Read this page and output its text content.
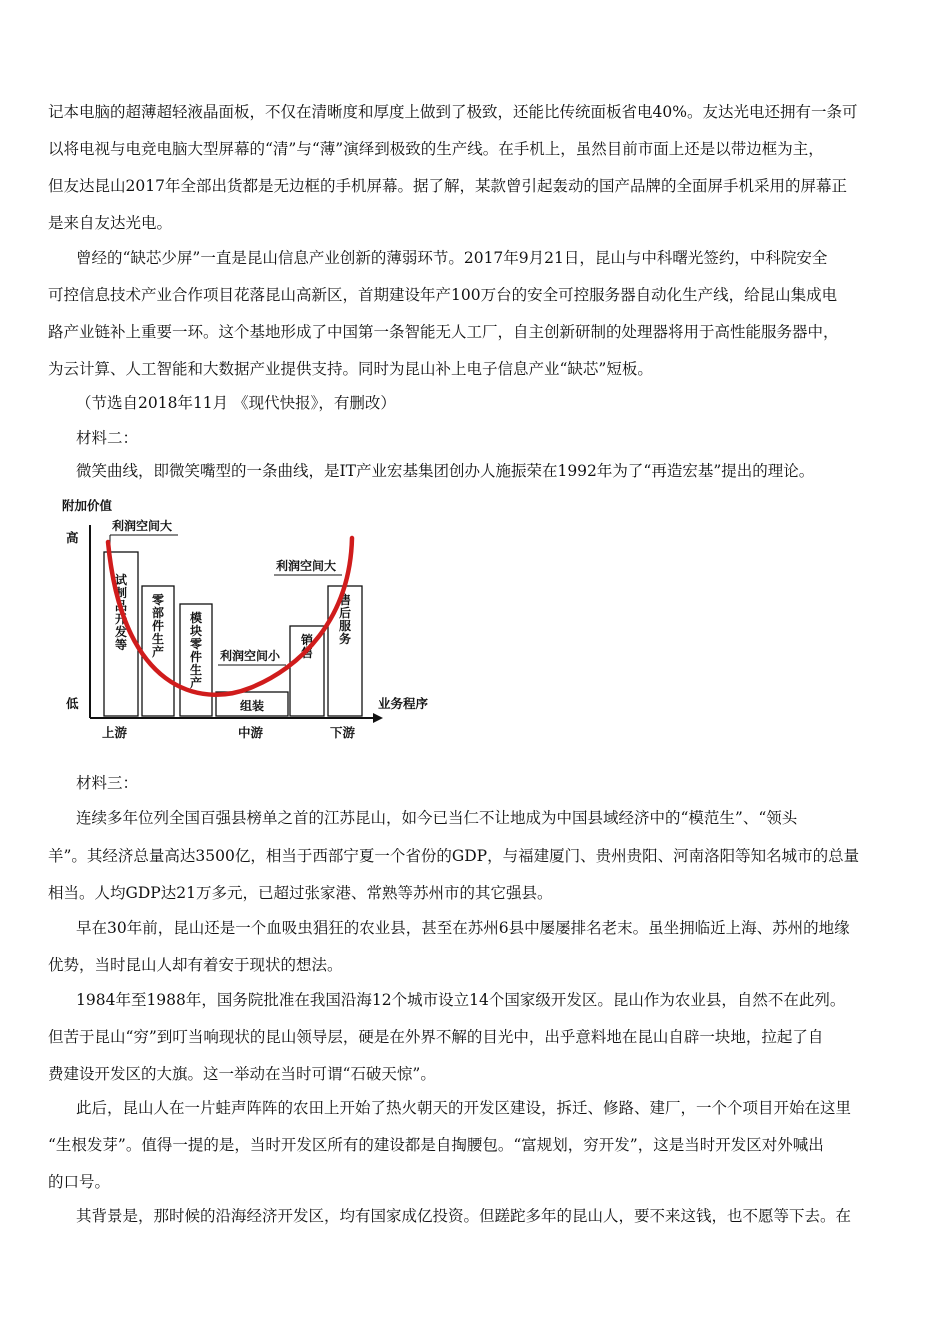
记本电脑的超薄超轻液晶面板，不仅在清晰度和厚度上做到了极致，还能比传统面板省电40%。友达光电还拥有一条可
以将电视与电竞电脑大型屏幕的“清”与“薄”演绎到极致的生产线。在手机上，虽然目前市面上还是以带边框为主，
但友达昆山2017年全部出货都是无边框的手机屏幕。据了解，某款曾引起轰动的国产品牌的全面屏手机采用的屏幕正
是来自友达光电。
曾经的“缺芯少屏”一直是昆山信息产业创新的薄弱环节。2017年9月21日，昆山与中科曙光签约，中科院安全
可控信息技术产业合作项目花落昆山高新区，首期建设年产100万台的安全可控服务器自动化生产线，给昆山集成电
路产业链补上重要一环。这个基地形成了中国第一条智能无人工厂，自主创新研制的处理器将用于高性能服务器中，
为云计算、人工智能和大数据产业提供支持。同时为昆山补上电子信息产业“缺芯”短板。
（节选自2018年11月 《现代快报》，有删改）
材料二：
微笑曲线，即微笑嘴型的一条曲线，是IT产业宏基集团创办人施振荣在1992年为了“再造宏基”提出的理论。
附加价值
高
低	业务程序
上游	中游	下游
试制品开发等
零部件生产
模块零件生产
组装
销售
售后服务
利润空间大
利润空间小
利润空间大
材料三：
连续多年位列全国百强县榜单之首的江苏昆山，如今已当仁不让地成为中国县域经济中的“模范生”、“领头
羊”。其经济总量高达3500亿，相当于西部宁夏一个省份的GDP，与福建厦门、贵州贵阳、河南洛阳等知名城市的总量
相当。人均GDP达21万多元，已超过张家港、常熟等苏州市的其它强县。
早在30年前，昆山还是一个血吸虫猖狂的农业县，甚至在苏州6县中屡屡排名老末。虽坐拥临近上海、苏州的地缘
优势，当时昆山人却有着安于现状的想法。
1984年至1988年，国务院批准在我国沿海12个城市设立14个国家级开发区。昆山作为农业县，自然不在此列。
但苦于昆山“穷”到叮当响现状的昆山领导层，硬是在外界不解的目光中，出乎意料地在昆山自辟一块地，拉起了自
费建设开发区的大旗。这一举动在当时可谓“石破天惊”。
此后，昆山人在一片蛙声阵阵的农田上开始了热火朝天的开发区建设，拆迁、修路、建厂，一个个项目开始在这里
“生根发芽”。值得一提的是，当时开发区所有的建设都是自掏腰包。“富规划，穷开发”，这是当时开发区对外喊出
的口号。
其背景是，那时候的沿海经济开发区，均有国家成亿投资。但蹉跎多年的昆山人，要不来这钱，也不愿等下去。在
